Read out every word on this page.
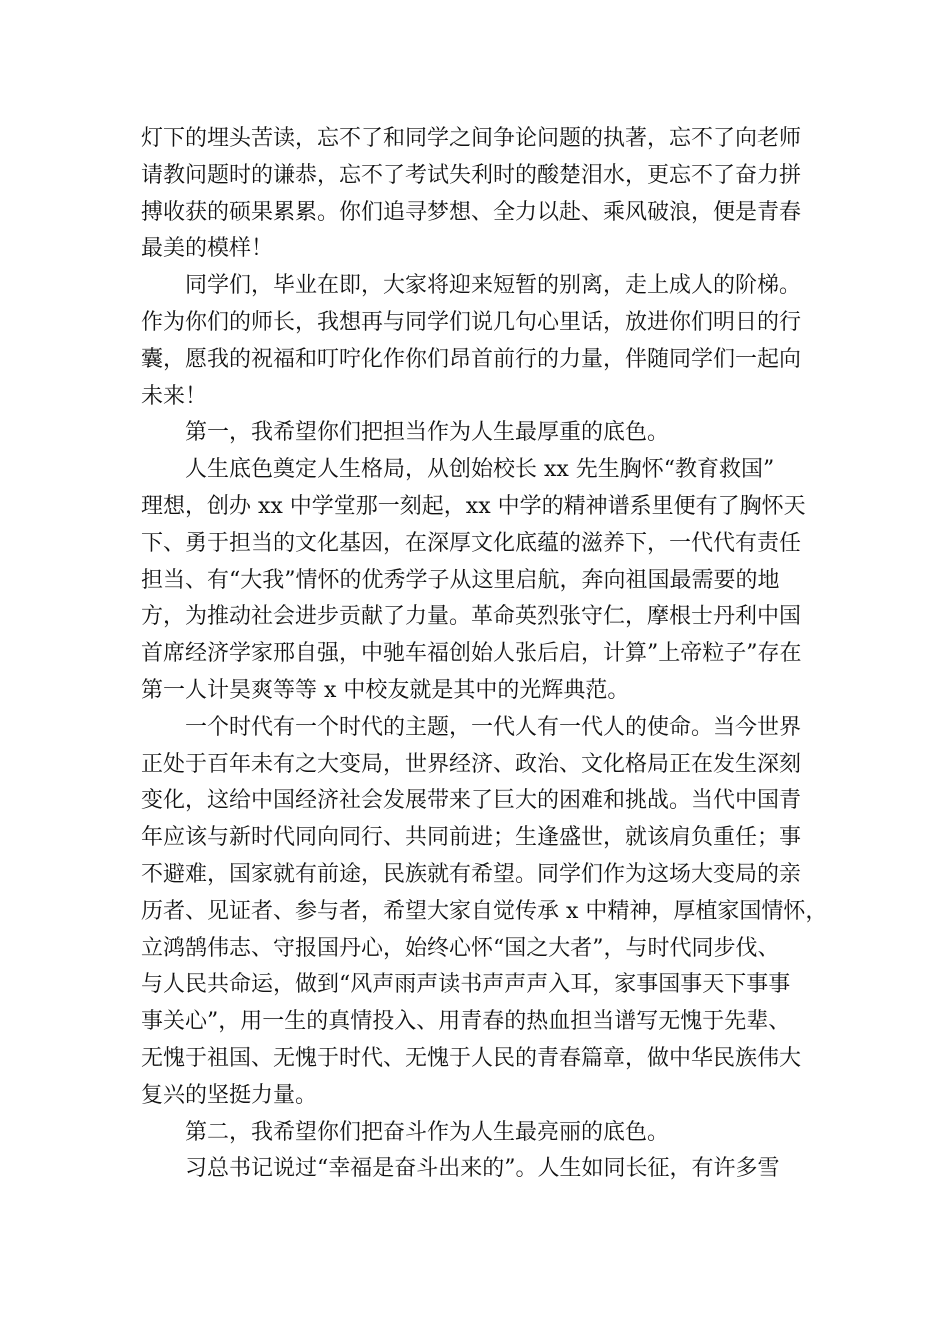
灯下的埋头苦读，忘不了和同学之间争论问题的执著，忘不了向老师
请教问题时的谦恭，忘不了考试失利时的酸楚泪水，更忘不了奋力拼
搏收获的硕果累累。你们追寻梦想、全力以赴、乘风破浪，便是青春
最美的模样！
同学们，毕业在即，大家将迎来短暂的别离，走上成人的阶梯。
作为你们的师长，我想再与同学们说几句心里话，放进你们明日的行
囊，愿我的祝福和叮咛化作你们昂首前行的力量，伴随同学们一起向
未来！
第一，我希望你们把担当作为人生最厚重的底色。
人生底色奠定人生格局，从创始校长 xx 先生胸怀“教育救国”
理想，创办 xx 中学堂那一刻起，xx 中学的精神谱系里便有了胸怀天
下、勇于担当的文化基因，在深厚文化底蕴的滋养下，一代代有责任
担当、有“大我”情怀的优秀学子从这里启航，奔向祖国最需要的地
方，为推动社会进步贡献了力量。革命英烈张守仁，摩根士丹利中国
首席经济学家邢自强，中驰车福创始人张后启，计算”上帝粒子”存在
第一人计昊爽等等 x 中校友就是其中的光辉典范。
一个时代有一个时代的主题，一代人有一代人的使命。当今世界
正处于百年未有之大变局，世界经济、政治、文化格局正在发生深刻
变化，这给中国经济社会发展带来了巨大的困难和挑战。当代中国青
年应该与新时代同向同行、共同前进；生逢盛世，就该肩负重任；事
不避难，国家就有前途，民族就有希望。同学们作为这场大变局的亲
历者、见证者、参与者，希望大家自觉传承 x 中精神，厚植家国情怀，
立鸿鹄伟志、守报国丹心，始终心怀“国之大者”，与时代同步伐、
与人民共命运，做到“风声雨声读书声声声入耳，家事国事天下事事
事关心”，用一生的真情投入、用青春的热血担当谱写无愧于先辈、
无愧于祖国、无愧于时代、无愧于人民的青春篇章，做中华民族伟大
复兴的坚挺力量。
第二，我希望你们把奋斗作为人生最亮丽的底色。
习总书记说过“幸福是奋斗出来的”。人生如同长征，有许多雪
